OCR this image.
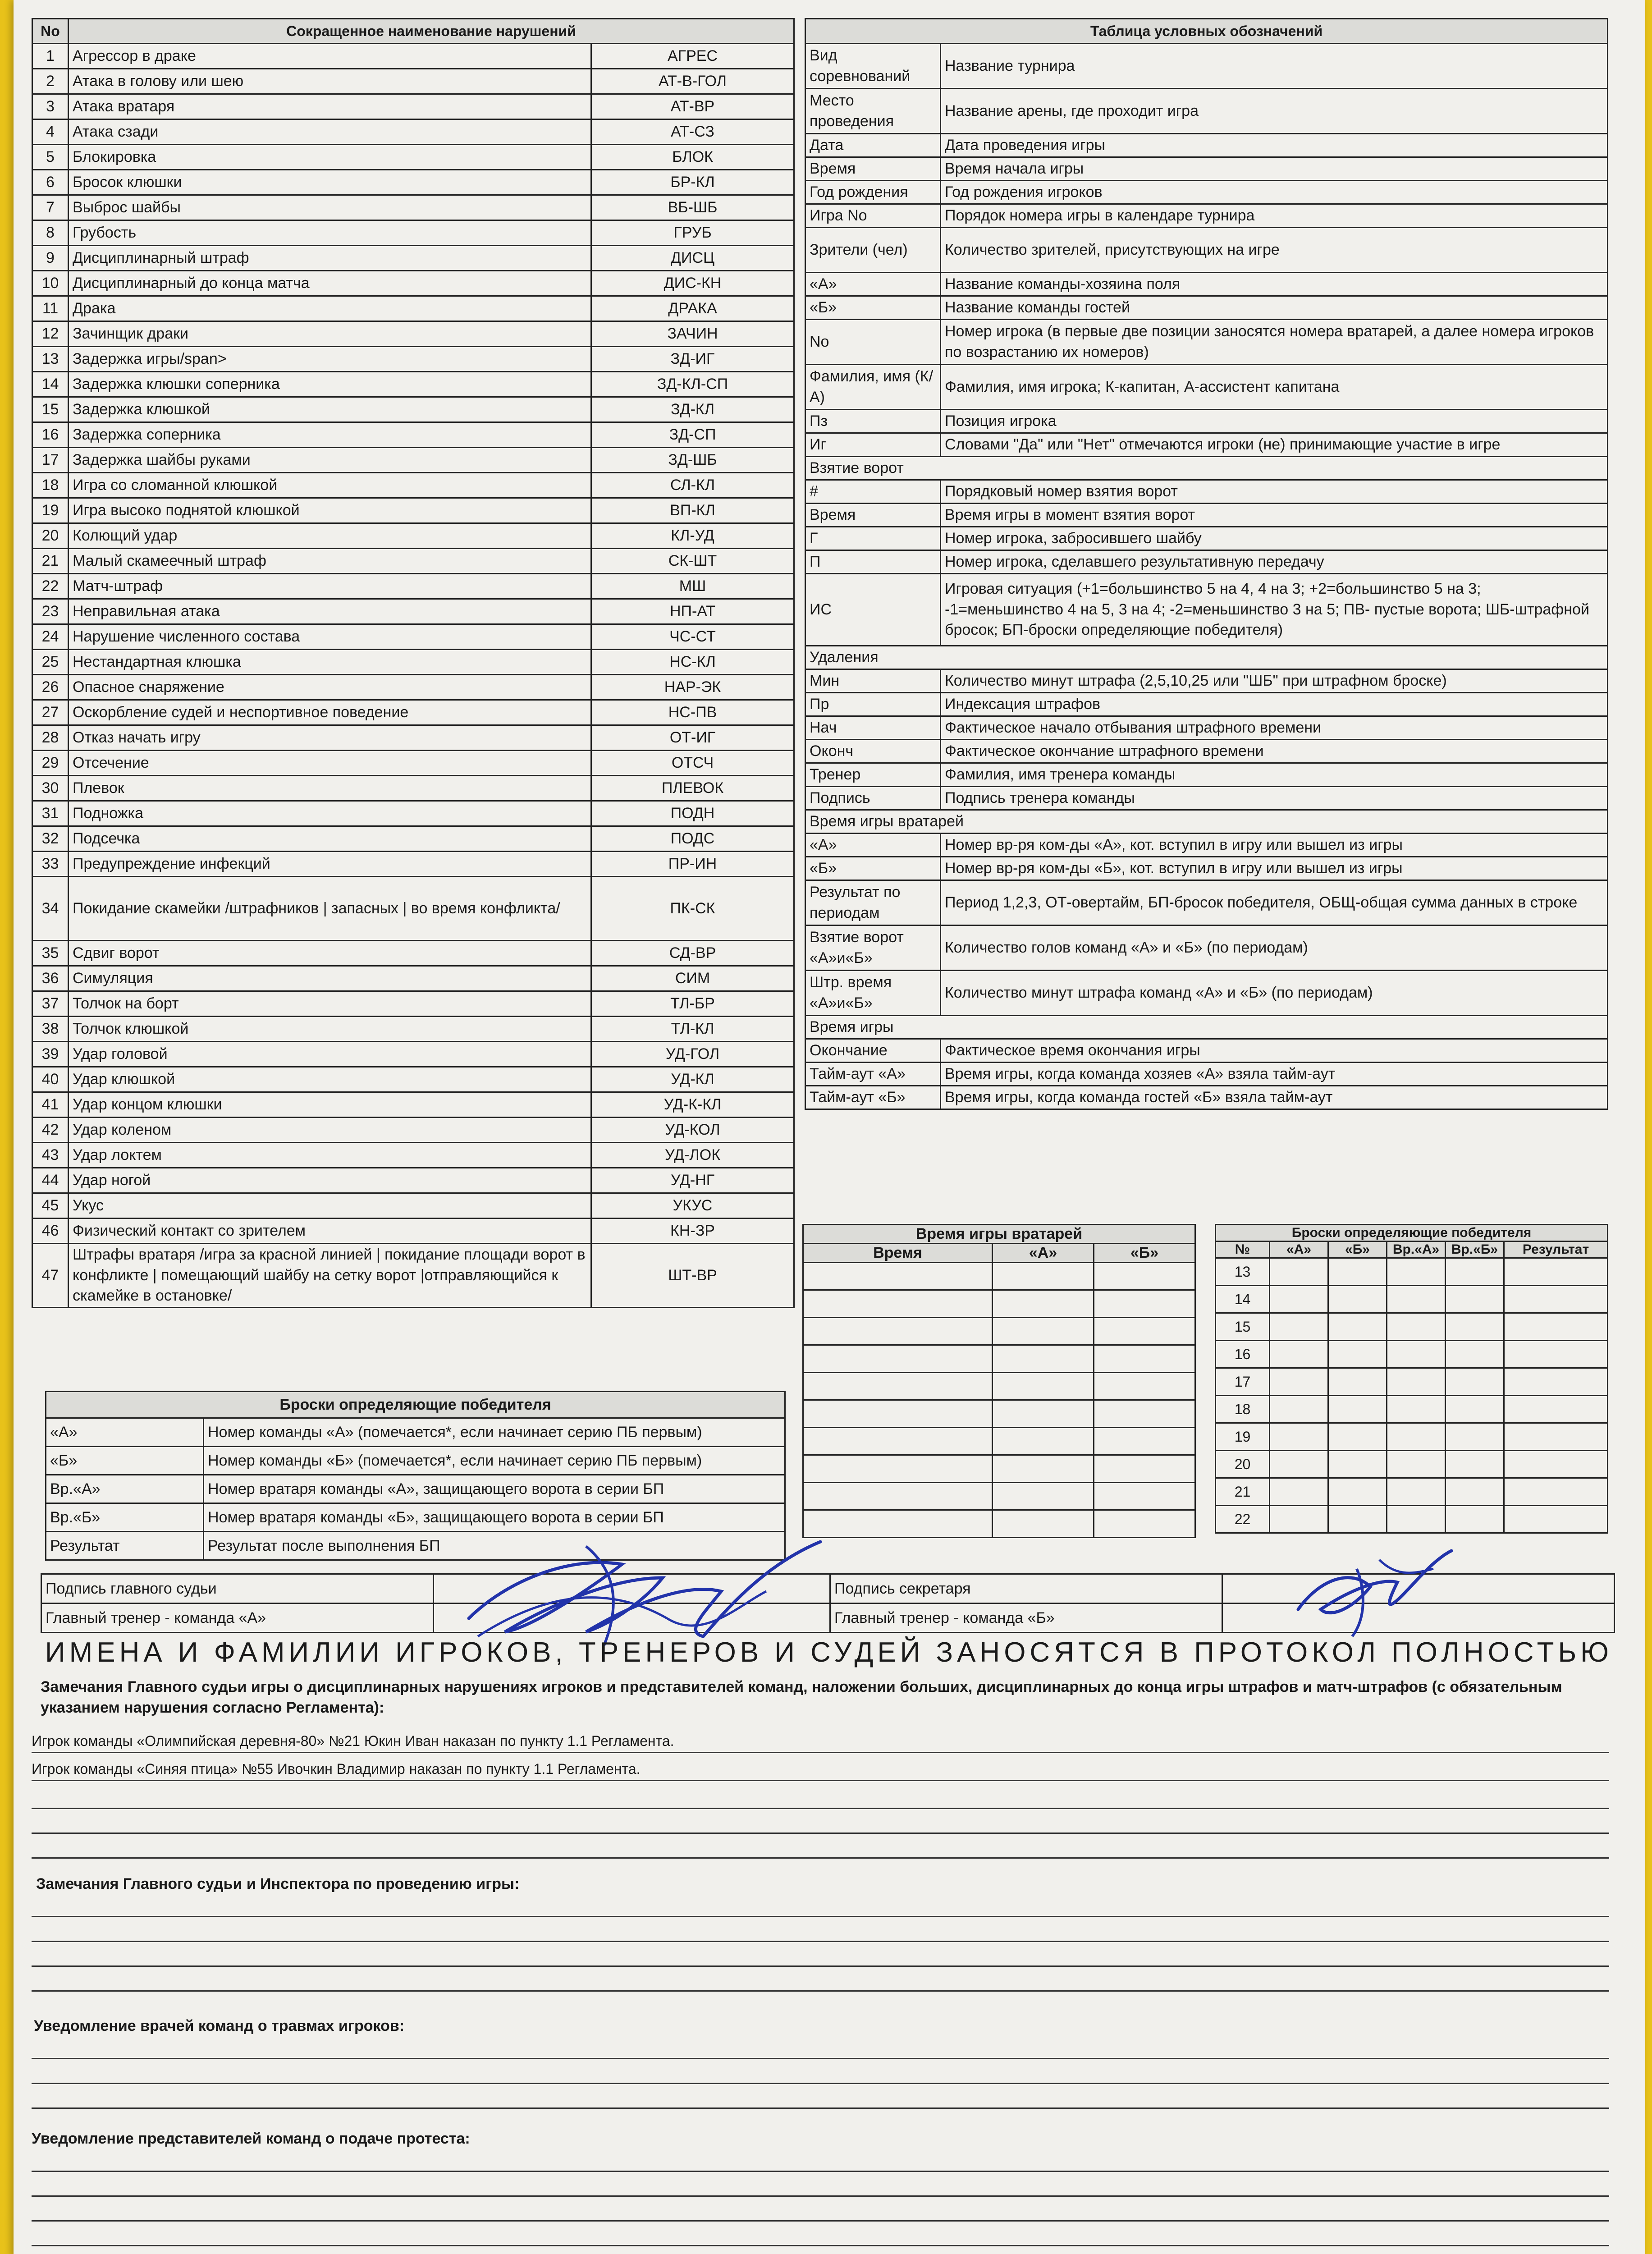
No	Сокращенное наименование нарушений	
1	Агрессор в драке	АГРЕС
2	Атака в голову или шею	АТ-В-ГОЛ
3	Атака вратаря	АТ-ВР
4	Атака сзади	АТ-СЗ
5	Блокировка	БЛОК
6	Бросок клюшки	БР-КЛ
7	Выброс шайбы	ВБ-ШБ
8	Грубость	ГРУБ
9	Дисциплинарный штраф	ДИСЦ
10	Дисциплинарный до конца матча	ДИС-КН
11	Драка	ДРАКА
12	Зачинщик драки	ЗАЧИН
13	Задержка игры/span>	ЗД-ИГ
14	Задержка клюшки соперника	ЗД-КЛ-СП
15	Задержка клюшкой	ЗД-КЛ
16	Задержка соперника	ЗД-СП
17	Задержка шайбы руками	ЗД-ШБ
18	Игра со сломанной клюшкой	СЛ-КЛ
19	Игра высоко поднятой клюшкой	ВП-КЛ
20	Колющий удар	КЛ-УД
21	Малый скамеечный штраф	СК-ШТ
22	Матч-штраф	МШ
23	Неправильная атака	НП-АТ
24	Нарушение численного состава	ЧС-СТ
25	Нестандартная клюшка	НС-КЛ
26	Опасное снаряжение	НАР-ЭК
27	Оскорбление судей и неспортивное поведение	НС-ПВ
28	Отказ начать игру	ОТ-ИГ
29	Отсечение	ОТСЧ
30	Плевок	ПЛЕВОК
31	Подножка	ПОДН
32	Подсечка	ПОДС
33	Предупреждение инфекций	ПР-ИН
34	Покидание скамейки /штрафников | запасных | во время конфликта/	ПК-СК
35	Сдвиг ворот	СД-ВР
36	Симуляция	СИМ
37	Толчок на борт	ТЛ-БР
38	Толчок клюшкой	ТЛ-КЛ
39	Удар головой	УД-ГОЛ
40	Удар клюшкой	УД-КЛ
41	Удар концом клюшки	УД-К-КЛ
42	Удар коленом	УД-КОЛ
43	Удар локтем	УД-ЛОК
44	Удар ногой	УД-НГ
45	Укус	УКУС
46	Физический контакт со зрителем	КН-ЗР
47	Штрафы вратаря /игра за красной линией | покидание площади ворот в конфликте | помещающий шайбу на сетку ворот |отправляющийся к скамейке в остановке/	ШТ-ВР
Таблица условных обозначений	
Вид соревнований	Название турнира
Место проведения	Название арены, где проходит игра
Дата	Дата проведения игры
Время	Время начала игры
Год рождения	Год рождения игроков
Игра No	Порядок номера игры в календаре турнира
Зрители (чел)	Количество зрителей, присутствующих на игре
«А»	Название команды-хозяина поля
«Б»	Название команды гостей
No	Номер игрока (в первые две позиции заносятся номера вратарей, а далее номера игроков по возрастанию их номеров)
Фамилия, имя (К/А)	Фамилия, имя игрока; К-капитан, А-ассистент капитана
Пз	Позиция игрока
Иг	Словами "Да" или "Нет" отмечаются игроки (не) принимающие участие в игре
Взятие ворот	
#	Порядковый номер взятия ворот
Время	Время игры в момент взятия ворот
Г	Номер игрока, забросившего шайбу
П	Номер игрока, сделавшего результативную передачу
ИС	Игровая ситуация (+1=большинство 5 на 4, 4 на 3; +2=большинство 5 на 3; -1=меньшинство 4 на 5, 3 на 4; -2=меньшинство 3 на 5; ПВ- пустые ворота; ШБ-штрафной бросок; БП-броски определяющие победителя)
Удаления	
Мин	Количество минут штрафа (2,5,10,25 или "ШБ" при штрафном броске)
Пр	Индексация штрафов
Нач	Фактическое начало отбывания штрафного времени
Оконч	Фактическое окончание штрафного времени
Тренер	Фамилия, имя тренера команды
Подпись	Подпись тренера команды
Время игры вратарей	
«А»	Номер вр-ря ком-ды «А», кот. вступил в игру или вышел из игры
«Б»	Номер вр-ря ком-ды «Б», кот. вступил в игру или вышел из игры
Результат по периодам	Период 1,2,3, ОТ-овертайм, БП-бросок победителя, ОБЩ-общая сумма данных в строке
Взятие ворот «А»и«Б»	Количество голов команд «А» и «Б» (по периодам)
Штр. время «А»и«Б»	Количество минут штрафа команд «А» и «Б» (по периодам)
Время игры	
Окончание	Фактическое время окончания игры
Тайм-аут «А»	Время игры, когда команда хозяев «А» взяла тайм-аут
Тайм-аут «Б»	Время игры, когда команда гостей «Б» взяла тайм-аут
Время игры вратарей		
Время	«А»	«Б»

Броски определяющие победителя					
№	«А»	«Б»	Вр.«А»	Вр.«Б»	Результат
13					
14					
15					
16					
17					
18					
19					
20					
21					
22					
Броски определяющие победителя	
«А»	Номер команды «А» (помечается*, если начинает серию ПБ первым)
«Б»	Номер команды «Б» (помечается*, если начинает серию ПБ первым)
Вр.«А»	Номер вратаря команды «А», защищающего ворота в серии БП
Вр.«Б»	Номер вратаря команды «Б», защищающего ворота в серии БП
Результат	Результат после выполнения БП
Подпись главного судьи		Подпись секретаря	
Главный тренер - команда «А»		Главный тренер - команда «Б»	
ИМЕНА И ФАМИЛИИ ИГРОКОВ, ТРЕНЕРОВ И СУДЕЙ ЗАНОСЯТСЯ В ПРОТОКОЛ ПОЛНОСТЬЮ
Замечания Главного судьи игры о дисциплинарных нарушениях игроков и представителей команд, наложении больших, дисциплинарных до конца игры штрафов и матч-штрафов (с обязательным указанием нарушения согласно Регламента):
Игрок команды «Олимпийская деревня-80» №21 Юкин Иван наказан по пункту 1.1 Регламента.
Игрок команды «Синяя птица» №55 Ивочкин Владимир наказан по пункту 1.1 Регламента.
Замечания Главного судьи и Инспектора по проведению игры:
Уведомление врачей команд о травмах игроков:
Уведомление представителей команд о подаче протеста:
